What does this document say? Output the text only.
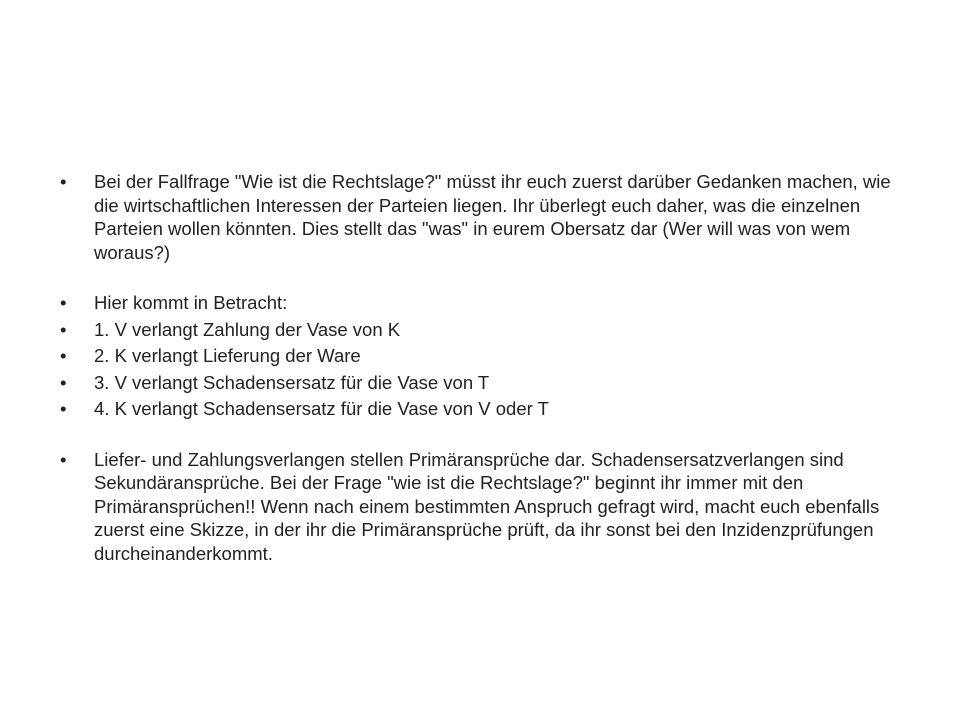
•	Bei der Fallfrage "Wie ist die Rechtslage?" müsst ihr euch zuerst darüber Gedanken machen, wie die wirtschaftlichen Interessen der Parteien liegen. Ihr überlegt euch daher, was die einzelnen Parteien wollen könnten. Dies stellt das "was" in eurem Obersatz dar (Wer will was von wem woraus?)
•	Hier kommt in Betracht:
•	1. V verlangt Zahlung der Vase von K
•	2. K verlangt Lieferung der Ware
•	3. V verlangt Schadensersatz für die Vase von T
•	4. K verlangt Schadensersatz für die Vase von V oder T
•	Liefer- und Zahlungsverlangen stellen Primäransprüche dar. Schadensersatzverlangen sind Sekundäransprüche. Bei der Frage "wie ist die Rechtslage?" beginnt ihr immer mit den Primäransprüchen!! Wenn nach einem bestimmten Anspruch gefragt wird, macht euch ebenfalls zuerst eine Skizze, in der ihr die Primäransprüche prüft, da ihr sonst bei den Inzidenzprüfungen durcheinanderkommt.
